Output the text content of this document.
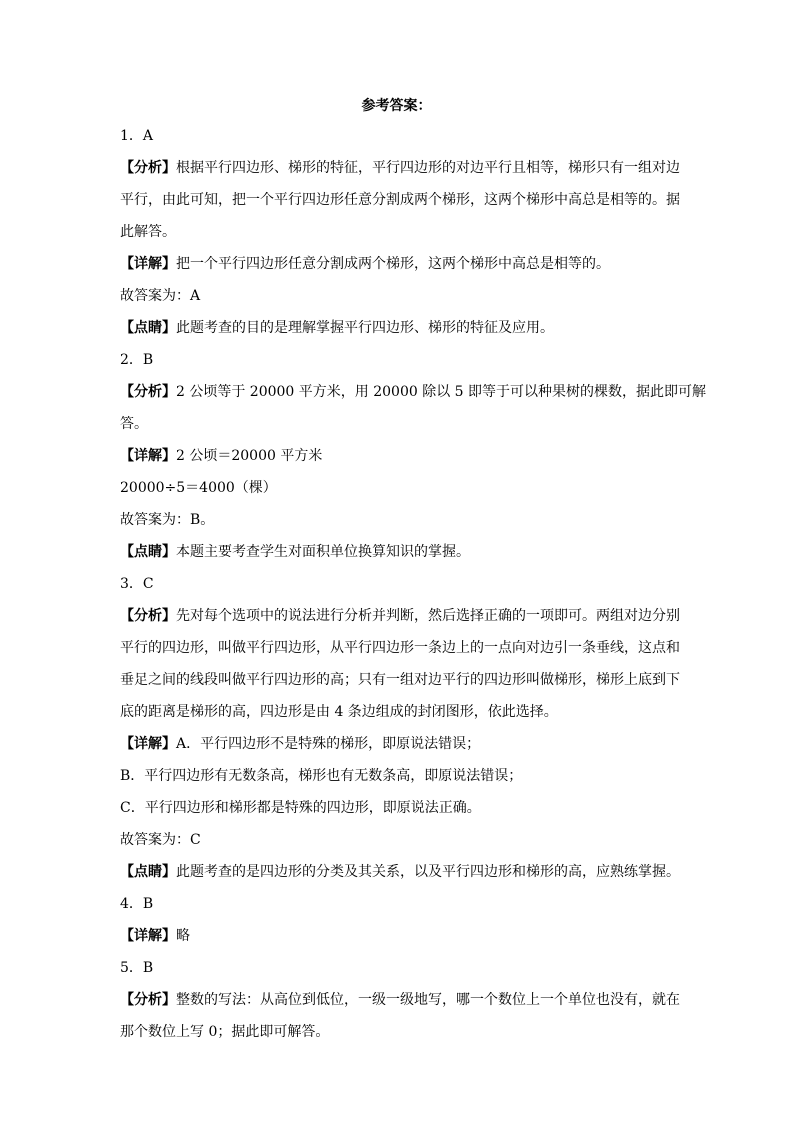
参考答案：
1．A
【分析】根据平行四边形、梯形的特征，平行四边形的对边平行且相等，梯形只有一组对边
平行，由此可知，把一个平行四边形任意分割成两个梯形，这两个梯形中高总是相等的。据
此解答。
【详解】把一个平行四边形任意分割成两个梯形，这两个梯形中高总是相等的。
故答案为：A
【点睛】此题考查的目的是理解掌握平行四边形、梯形的特征及应用。
2．B
【分析】2 公顷等于 20000 平方米，用 20000 除以 5 即等于可以种果树的棵数，据此即可解
答。
【详解】2 公顷＝20000 平方米
20000÷5＝4000（棵）
故答案为：B。
【点睛】本题主要考查学生对面积单位换算知识的掌握。
3．C
【分析】先对每个选项中的说法进行分析并判断，然后选择正确的一项即可。两组对边分别
平行的四边形，叫做平行四边形，从平行四边形一条边上的一点向对边引一条垂线，这点和
垂足之间的线段叫做平行四边形的高；只有一组对边平行的四边形叫做梯形，梯形上底到下
底的距离是梯形的高，四边形是由 4 条边组成的封闭图形，依此选择。
【详解】A．平行四边形不是特殊的梯形，即原说法错误；
B．平行四边形有无数条高，梯形也有无数条高，即原说法错误；
C．平行四边形和梯形都是特殊的四边形，即原说法正确。
故答案为：C
【点睛】此题考查的是四边形的分类及其关系，以及平行四边形和梯形的高，应熟练掌握。
4．B
【详解】略
5．B
【分析】整数的写法：从高位到低位，一级一级地写，哪一个数位上一个单位也没有，就在
那个数位上写 0；据此即可解答。
